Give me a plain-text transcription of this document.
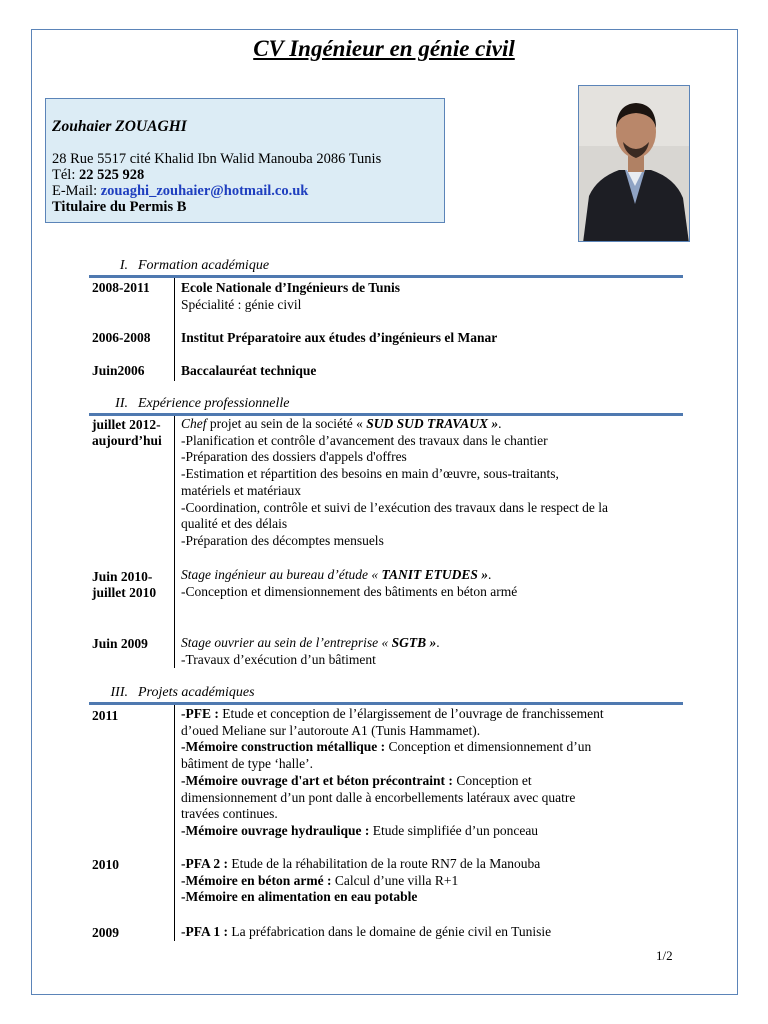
CV Ingénieur en génie civil
Zouhaier ZOUAGHI
28 Rue 5517 cité Khalid Ibn Walid Manouba 2086 Tunis
Tél: 22 525 928
E-Mail: zouaghi_zouhaier@hotmail.co.uk
Titulaire du Permis B
I. Formation académique
2008-2011 Ecole Nationale d’Ingénieurs de Tunis
Spécialité : génie civil
2006-2008 Institut Préparatoire aux études d’ingénieurs el Manar
Juin2006	Baccalauréat technique
II. Expérience professionnelle
juillet 2012-
aujourd’hui
Chef projet au sein de la société « SUD SUD TRAVAUX ».
-Planification et contrôle d’avancement des travaux dans le chantier
-Préparation des dossiers d'appels d'offres
-Estimation et répartition des besoins en main d’œuvre, sous-traitants,
matériels et matériaux
-Coordination, contrôle et suivi de l’exécution des travaux dans le respect de la
qualité et des délais
-Préparation des décomptes mensuels
Juin 2010-
juillet 2010
Stage ingénieur au bureau d’étude « TANIT ETUDES ».
-Conception et dimensionnement des bâtiments en béton armé
Juin 2009 Stage ouvrier au sein de l’entreprise « SGTB ».
-Travaux d’exécution d’un bâtiment
III. Projets académiques
2011	-PFE : Etude et conception de l’élargissement de l’ouvrage de franchissement
d’oued Meliane sur l’autoroute A1 (Tunis Hammamet).
-Mémoire construction métallique : Conception et dimensionnement d’un
bâtiment de type ‘halle’.
-Mémoire ouvrage d'art et béton précontraint : Conception et
dimensionnement d’un pont dalle à encorbellements latéraux avec quatre
travées continues.
-Mémoire ouvrage hydraulique : Etude simplifiée d’un ponceau
2010	-PFA 2 : Etude de la réhabilitation de la route RN7 de la Manouba
-Mémoire en béton armé : Calcul d’une villa R+1
-Mémoire en alimentation en eau potable
2009	-PFA 1 : La préfabrication dans le domaine de génie civil en Tunisie
1/2
